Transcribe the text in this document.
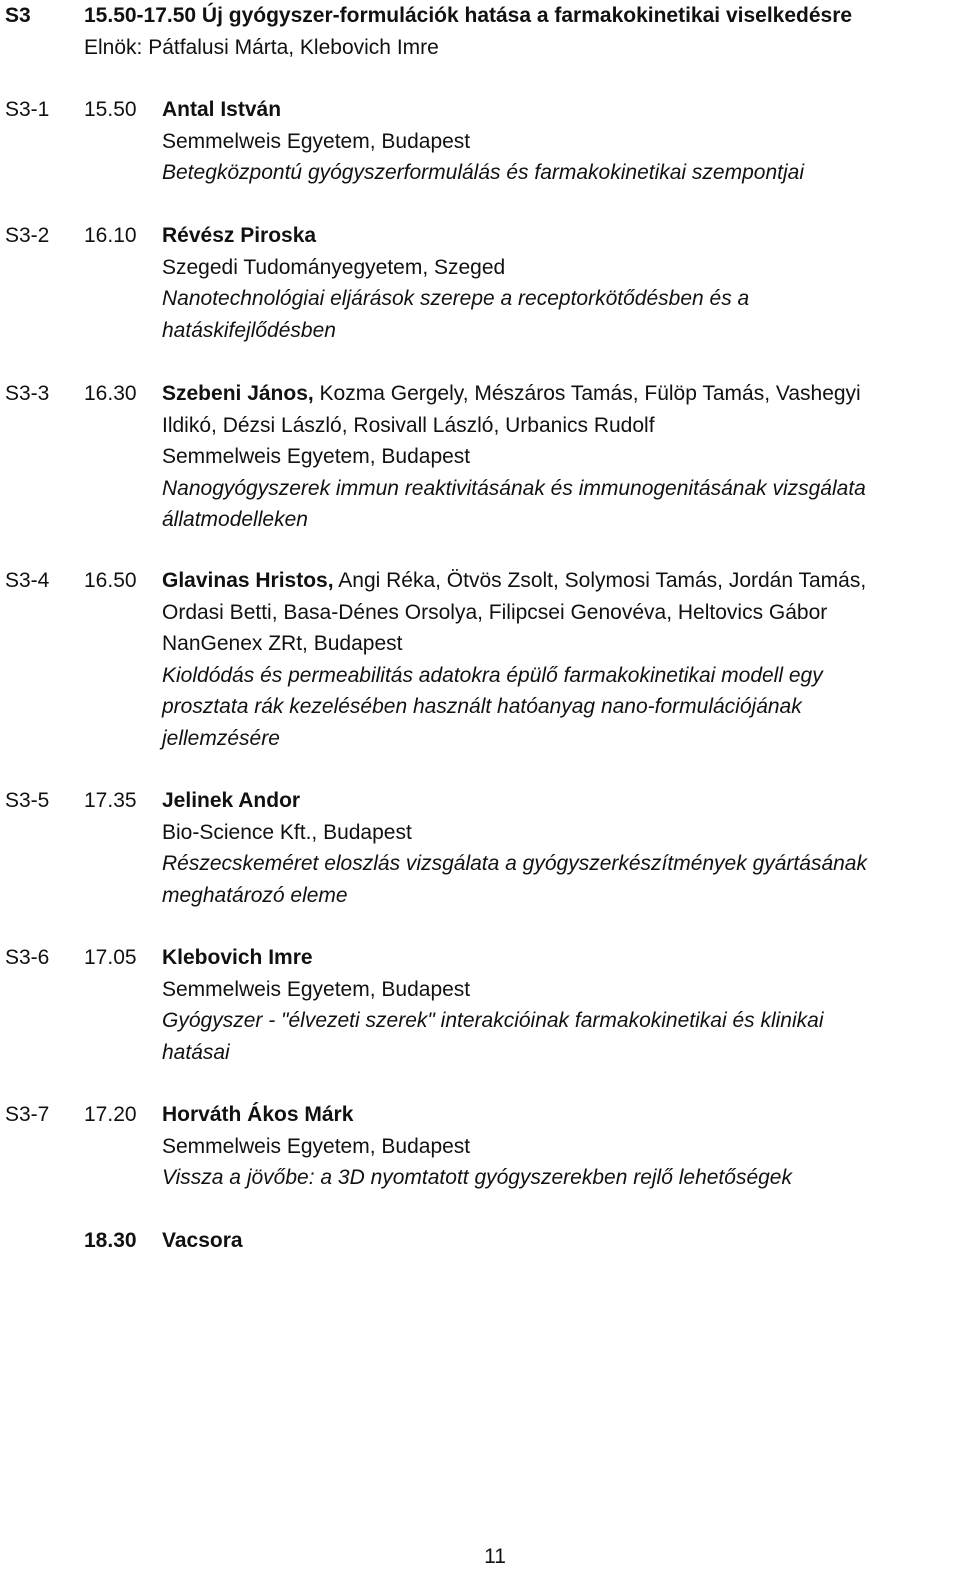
S3	15.50-17.50 Új gyógyszer-formulációk hatása a farmakokinetikai viselkedésre
Elnök: Pátfalusi Márta, Klebovich Imre
S3-1 15.50 Antal István
Semmelweis Egyetem, Budapest
Betegközpontú gyógyszerformulálás és farmakokinetikai szempontjai
S3-2 16.10 Révész Piroska
Szegedi Tudományegyetem, Szeged
Nanotechnológiai eljárások szerepe a receptorkötődésben és a
hatáskifejlődésben
S3-3 16.30 Szebeni János, Kozma Gergely, Mészáros Tamás, Fülöp Tamás, Vashegyi
Ildikó, Dézsi László, Rosivall László, Urbanics Rudolf
Semmelweis Egyetem, Budapest
Nanogyógyszerek immun reaktivitásának és immunogenitásának vizsgálata
állatmodelleken
S3-4 16.50 Glavinas Hristos, Angi Réka, Ötvös Zsolt, Solymosi Tamás, Jordán Tamás,
Ordasi Betti, Basa-Dénes Orsolya, Filipcsei Genovéva, Heltovics Gábor
NanGenex ZRt, Budapest
Kioldódás és permeabilitás adatokra épülő farmakokinetikai modell egy
prosztata rák kezelésében használt hatóanyag nano-formulációjának
jellemzésére
S3-5 17.35 Jelinek Andor
Bio-Science Kft., Budapest
Részecskeméret eloszlás vizsgálata a gyógyszerkészítmények gyártásának
meghatározó eleme
S3-6 17.05 Klebovich Imre
Semmelweis Egyetem, Budapest
Gyógyszer - "élvezeti szerek" interakcióinak farmakokinetikai és klinikai
hatásai
S3-7 17.20 Horváth Ákos Márk
Semmelweis Egyetem, Budapest
Vissza a jövőbe: a 3D nyomtatott gyógyszerekben rejlő lehetőségek
18.30 Vacsora
11
